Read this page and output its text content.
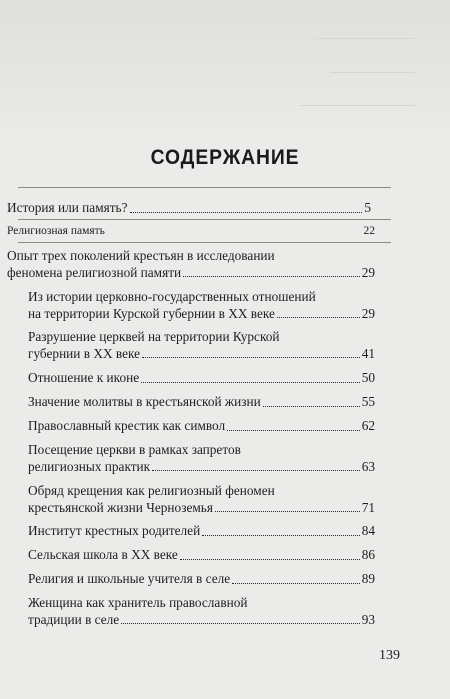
СОДЕРЖАНИЕ
История или память?	5
Религиозная память	22
Опыт трех поколений крестьян в исследовании
феномена религиозной памяти	29
Из истории церковно-государственных отношений
на территории Курской губернии в XX веке	29
Разрушение церквей на территории Курской
губернии в XX веке	41
Отношение к иконе	50
Значение молитвы в крестьянской жизни	55
Православный крестик как символ	62
Посещение церкви в рамках запретов
религиозных практик	63
Обряд крещения как религиозный феномен
крестьянской жизни Черноземья	71
Институт крестных родителей	84
Сельская школа в XX веке	86
Религия и школьные учителя в селе	89
Женщина как хранитель православной
традиции в селе	93
139
